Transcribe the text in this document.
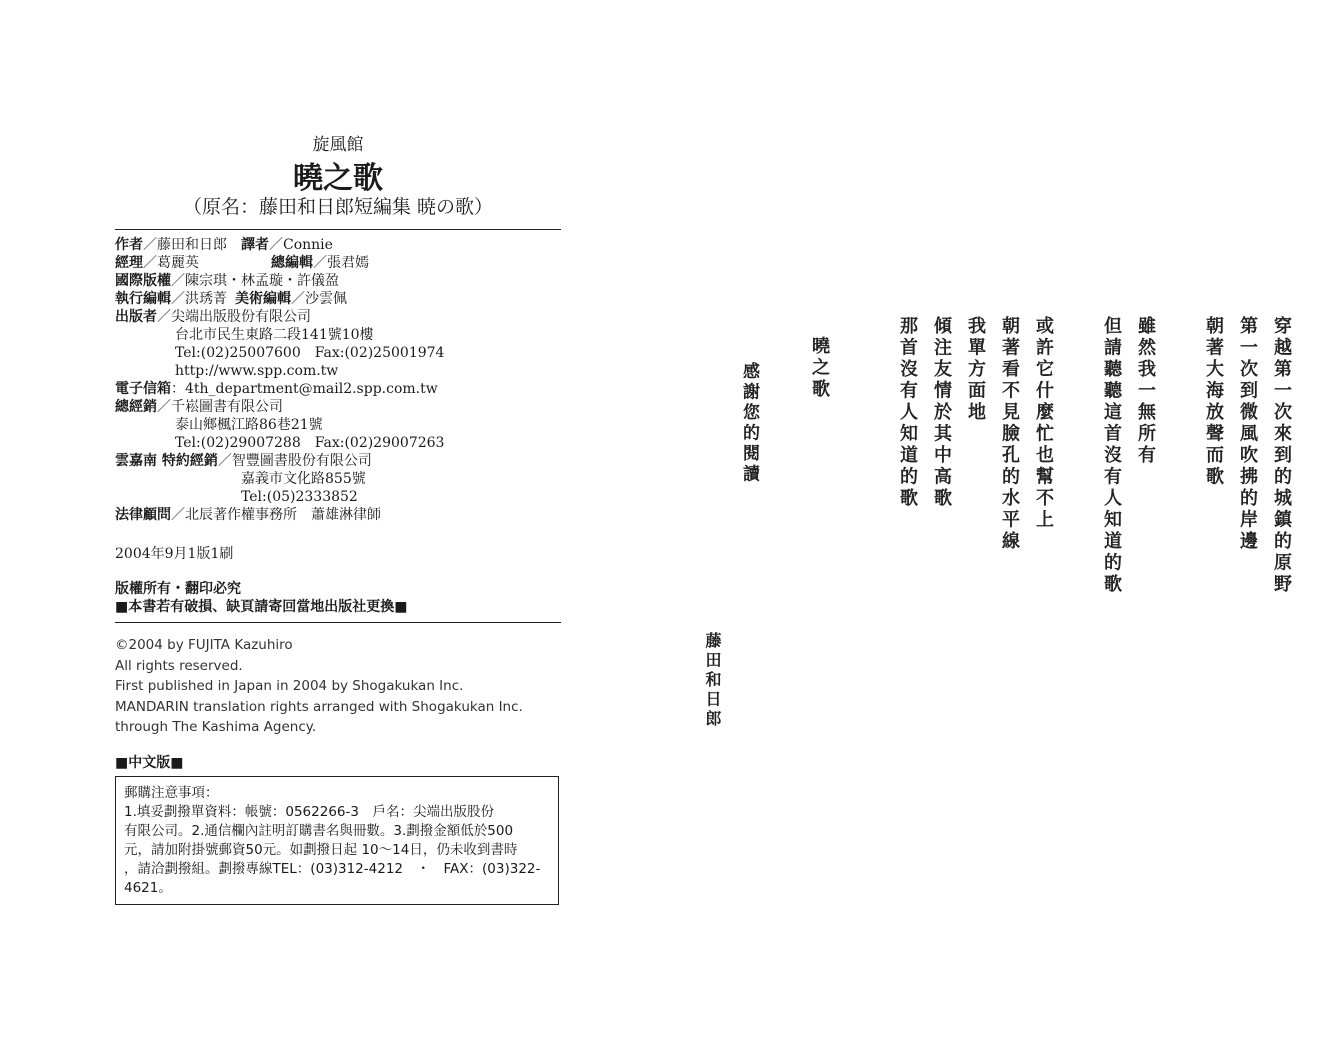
旋風館
曉之歌
（原名：藤田和日郎短編集 暁の歌）
作者／藤田和日郎 譯者／Connie
經理／葛麗英	總編輯／張君嫣
國際版權／陳宗琪・林孟璇・許儀盈
執行編輯／洪琇菁 美術編輯／沙雲佩
出版者／尖端出版股份有限公司
台北市民生東路二段141號10樓
Tel:(02)25007600　Fax:(02)25001974
http://www.spp.com.tw
電子信箱：4th_department@mail2.spp.com.tw
總經銷／千崧圖書有限公司
泰山鄉楓江路86巷21號
Tel:(02)29007288　Fax:(02)29007263
雲嘉南 特約經銷／智豐圖書股份有限公司
嘉義市文化路855號
Tel:(05)2333852
法律顧問／北辰著作權事務所　蕭雄淋律師
2004年9月1版1刷
版權所有・翻印必究
■本書若有破損、缺頁請寄回當地出版社更換■
©2004 by FUJITA Kazuhiro
All rights reserved.
First published in Japan in 2004 by Shogakukan Inc.
MANDARIN translation rights arranged with Shogakukan Inc.
through The Kashima Agency.
■中文版■
郵購注意事項：
1.填妥劃撥單資料：帳號：0562266-3　戶名：尖端出版股份
有限公司。2.通信欄內註明訂購書名與冊數。3.劃撥金額低於500
元，請加附掛號郵資50元。如劃撥日起 10～14日，仍未收到書時
，請洽劃撥組。劃撥專線TEL：(03)312-4212　・　FAX：(03)322-
4621。
穿越第一次來到的城鎮的原野
第一次到微風吹拂的岸邊
朝著大海放聲而歌
雖然我一無所有
但請聽聽這首沒有人知道的歌
或許它什麼忙也幫不上
朝著看不見臉孔的水平線
我單方面地
傾注友情於其中高歌
那首沒有人知道的歌
曉之歌
感謝您的閱讀
藤田和日郎
